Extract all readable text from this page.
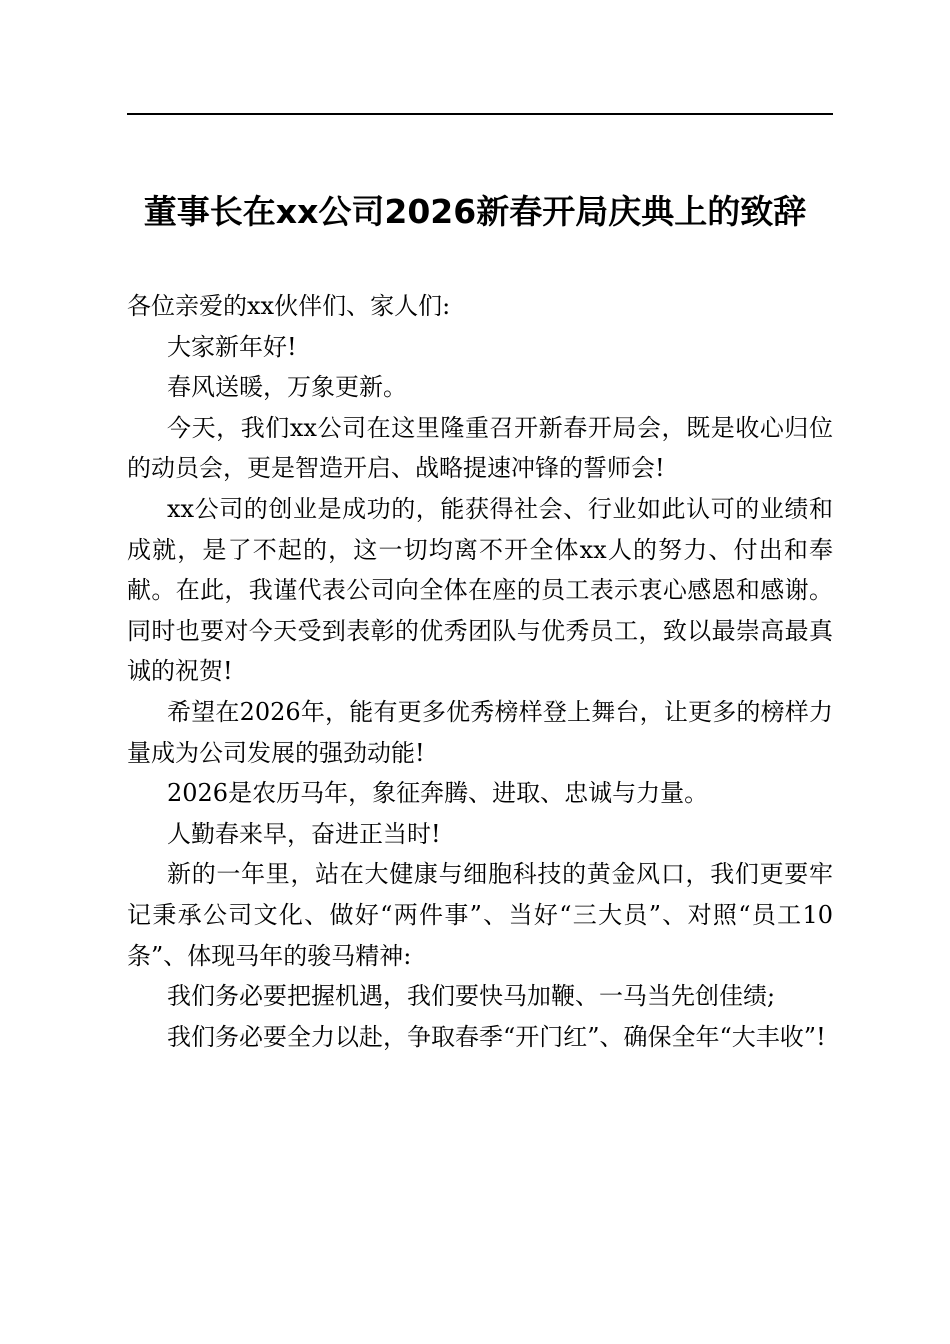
董事长在xx公司2026新春开局庆典上的致辞

各位亲爱的xx伙伴们、家人们:

大家新年好!

春风送暖，万象更新。

今天，我们xx公司在这里隆重召开新春开局会，既是收心归位的动员会，更是智造开启、战略提速冲锋的誓师会!

xx公司的创业是成功的，能获得社会、行业如此认可的业绩和成就，是了不起的，这一切均离不开全体xx人的努力、付出和奉献。在此，我谨代表公司向全体在座的员工表示衷心感恩和感谢。同时也要对今天受到表彰的优秀团队与优秀员工，致以最崇高最真诚的祝贺!

希望在2026年，能有更多优秀榜样登上舞台，让更多的榜样力量成为公司发展的强劲动能!

2026是农历马年，象征奔腾、进取、忠诚与力量。

人勤春来早，奋进正当时!

新的一年里，站在大健康与细胞科技的黄金风口，我们更要牢记秉承公司文化、做好“两件事”、当好“三大员”、对照“员工10条”、体现马年的骏马精神:

我们务必要把握机遇，我们要快马加鞭、一马当先创佳绩;

我们务必要全力以赴，争取春季“开门红”、确保全年“大丰收”!
